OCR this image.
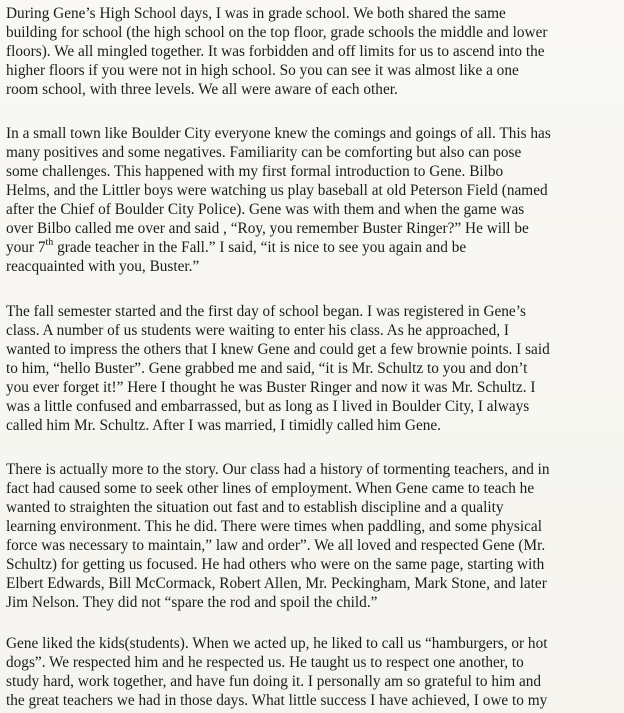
During Gene’s High School days, I was in grade school. We both shared the same
building for school (the high school on the top floor, grade schools the middle and lower
floors). We all mingled together. It was forbidden and off limits for us to ascend into the
higher floors if you were not in high school. So you can see it was almost like a one
room school, with three levels. We all were aware of each other.
In a small town like Boulder City everyone knew the comings and goings of all. This has
many positives and some negatives. Familiarity can be comforting but also can pose
some challenges. This happened with my first formal introduction to Gene. Bilbo
Helms, and the Littler boys were watching us play baseball at old Peterson Field (named
after the Chief of Boulder City Police). Gene was with them and when the game was
over Bilbo called me over and said , “Roy, you remember Buster Ringer?” He will be
your 7th grade teacher in the Fall.” I said, “it is nice to see you again and be
reacquainted with you, Buster.”
The fall semester started and the first day of school began. I was registered in Gene’s
class. A number of us students were waiting to enter his class. As he approached, I
wanted to impress the others that I knew Gene and could get a few brownie points. I said
to him, “hello Buster”. Gene grabbed me and said, “it is Mr. Schultz to you and don’t
you ever forget it!” Here I thought he was Buster Ringer and now it was Mr. Schultz. I
was a little confused and embarrassed, but as long as I lived in Boulder City, I always
called him Mr. Schultz. After I was married, I timidly called him Gene.
There is actually more to the story. Our class had a history of tormenting teachers, and in
fact had caused some to seek other lines of employment. When Gene came to teach he
wanted to straighten the situation out fast and to establish discipline and a quality
learning environment. This he did. There were times when paddling, and some physical
force was necessary to maintain,” law and order”. We all loved and respected Gene (Mr.
Schultz) for getting us focused. He had others who were on the same page, starting with
Elbert Edwards, Bill McCormack, Robert Allen, Mr. Peckingham, Mark Stone, and later
Jim Nelson. They did not “spare the rod and spoil the child.”
Gene liked the kids(students). When we acted up, he liked to call us “hamburgers, or hot
dogs”. We respected him and he respected us. He taught us to respect one another, to
study hard, work together, and have fun doing it. I personally am so grateful to him and
the great teachers we had in those days. What little success I have achieved, I owe to my
